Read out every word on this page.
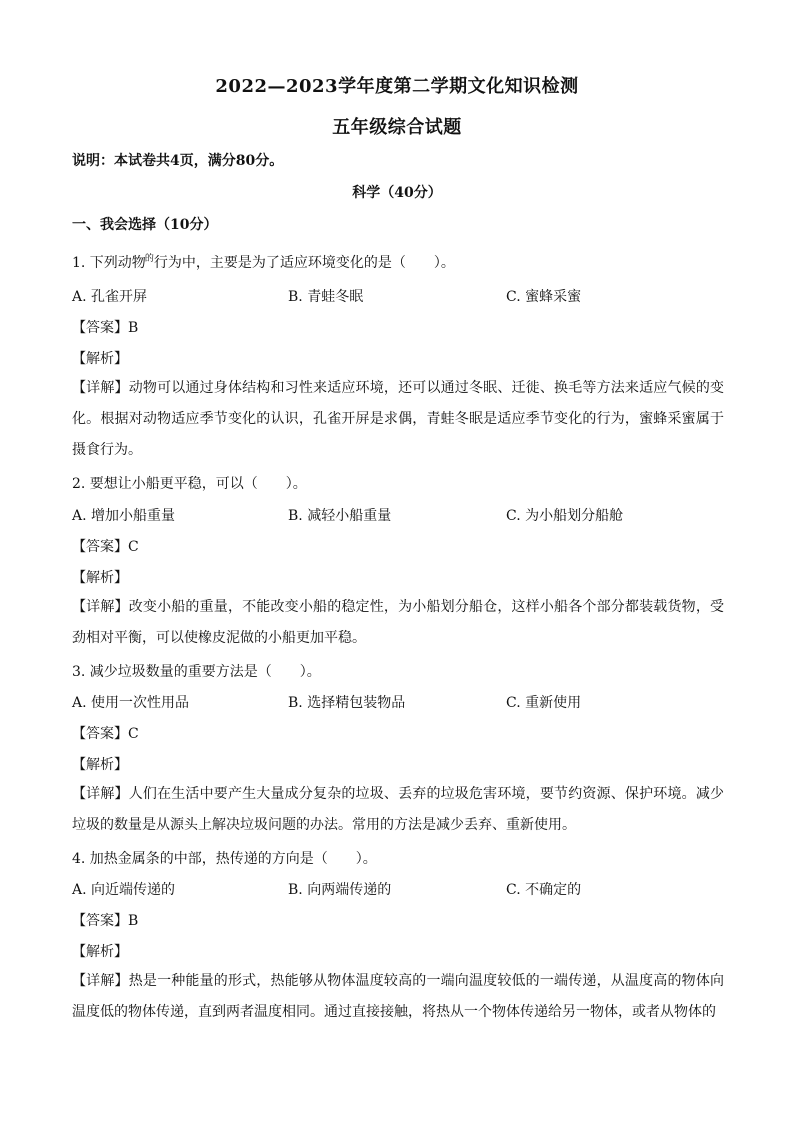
2022—2023学年度第二学期文化知识检测
五年级综合试题
说明：本试卷共4页，满分80分。
科学（40分）
一、我会选择（10分）
1. 下列动物$^的$行为中，主要是为了适应环境变化的是（　　）。
A. 孔雀开屏	B. 青蛙冬眠	C. 蜜蜂采蜜
【答案】B
【解析】
【详解】动物可以通过身体结构和习性来适应环境，还可以通过冬眠、迁徙、换毛等方法来适应气候的变化。根据对动物适应季节变化的认识，孔雀开屏是求偶，青蛙冬眠是适应季节变化的行为，蜜蜂采蜜属于摄食行为。
2. 要想让小船更平稳，可以（　　）。
A. 增加小船重量	B. 减轻小船重量	C. 为小船划分船舱
【答案】C
【解析】
【详解】改变小船的重量，不能改变小船的稳定性，为小船划分船仓，这样小船各个部分都装载货物，受劲相对平衡，可以使橡皮泥做的小船更加平稳。
3. 减少垃圾数量的重要方法是（　　）。
A. 使用一次性用品	B. 选择精包装物品	C. 重新使用
【答案】C
【解析】
【详解】人们在生活中要产生大量成分复杂的垃圾、丢弃的垃圾危害环境，要节约资源、保护环境。减少垃圾的数量是从源头上解决垃圾问题的办法。常用的方法是减少丢弃、重新使用。
4. 加热金属条的中部，热传递的方向是（　　）。
A. 向近端传递的	B. 向两端传递的	C. 不确定的
【答案】B
【解析】
【详解】热是一种能量的形式，热能够从物体温度较高的一端向温度较低的一端传递，从温度高的物体向温度低的物体传递，直到两者温度相同。通过直接接触，将热从一个物体传递给另一物体，或者从物体的
